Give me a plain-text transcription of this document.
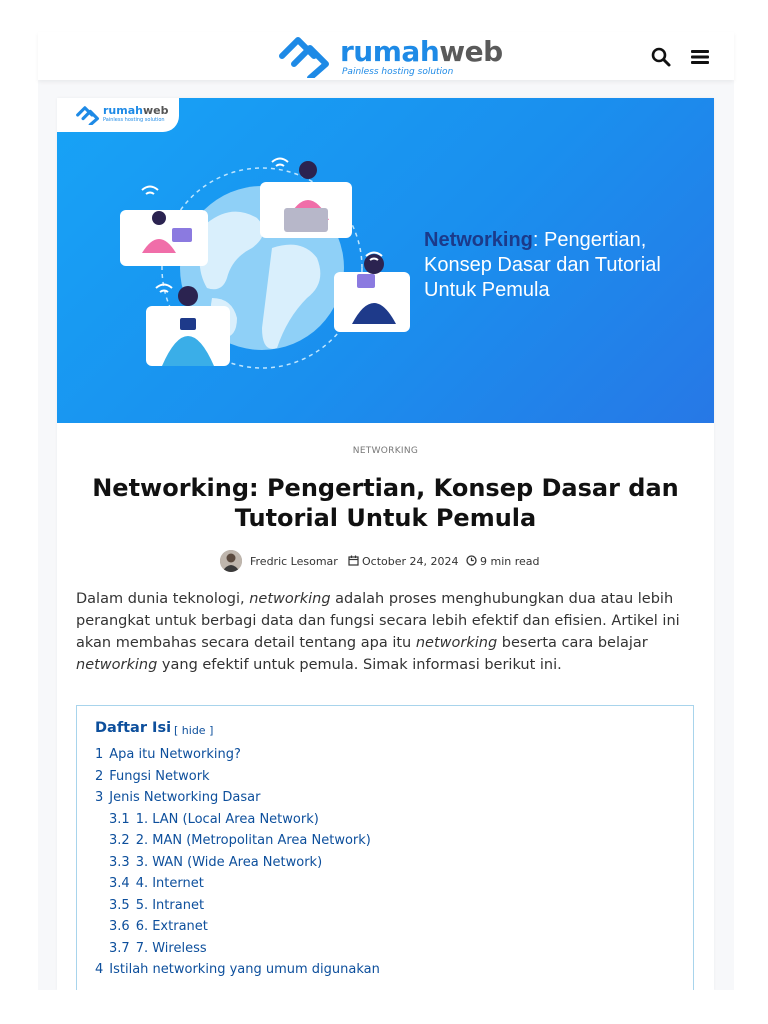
rumahweb
Painless hosting solution
rumahweb
Painless hosting solution
Networking: Pengertian, Konsep Dasar dan Tutorial Untuk Pemula
NETWORKING
Networking: Pengertian, Konsep Dasar dan Tutorial Untuk Pemula
Fredric Lesomar October 24, 2024 9 min read

Dalam dunia teknologi, networking adalah proses menghubungkan dua atau lebih perangkat untuk berbagi data dan fungsi secara lebih efektif dan efisien. Artikel ini akan membahas secara detail tentang apa itu networking beserta cara belajar networking yang efektif untuk pemula. Simak informasi berikut ini.

Daftar Isi [ hide ]
1 Apa itu Networking?
2 Fungsi Network
3 Jenis Networking Dasar
3.1 1. LAN (Local Area Network)
3.2 2. MAN (Metropolitan Area Network)
3.3 3. WAN (Wide Area Network)
3.4 4. Internet
3.5 5. Intranet
3.6 6. Extranet
3.7 7. Wireless
4 Istilah networking yang umum digunakan
